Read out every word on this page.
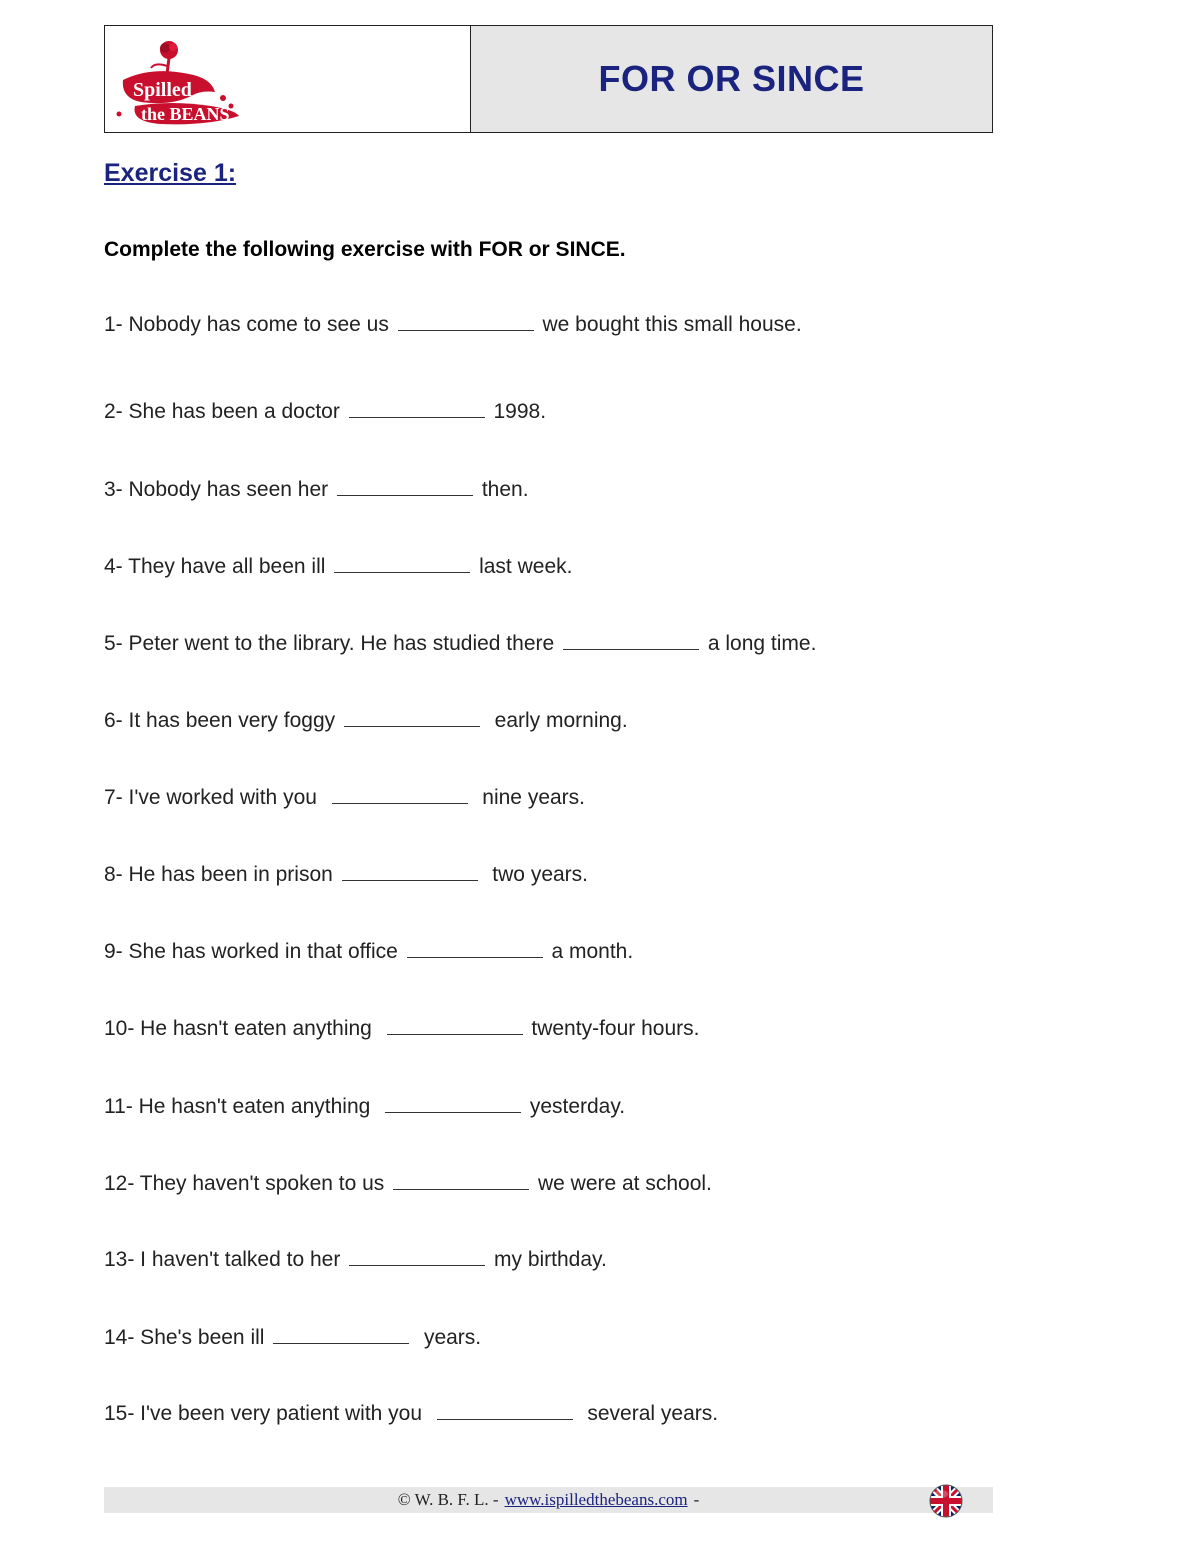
Spilled
the BEANS
FOR OR SINCE
Exercise 1:

Complete the following exercise with FOR or SINCE.

1- Nobody has come to see us	we bought this small house.

2- She has been a doctor	1998.

3- Nobody has seen her	then.

4- They have all been ill	last week.

5- Peter went to the library. He has studied there	a long time.

6- It has been very foggy	early morning.

7- I've worked with you	nine years.

8- He has been in prison	two years.

9- She has worked in that office	a month.

10- He hasn't eaten anything	twenty-four hours.

11- He hasn't eaten anything	yesterday.

12- They haven't spoken to us	we were at school.

13- I haven't talked to her	my birthday.

14- She's been ill	years.

15- I've been very patient with you	several years.

© W. B. F. L. - www.ispilledthebeans.com -
